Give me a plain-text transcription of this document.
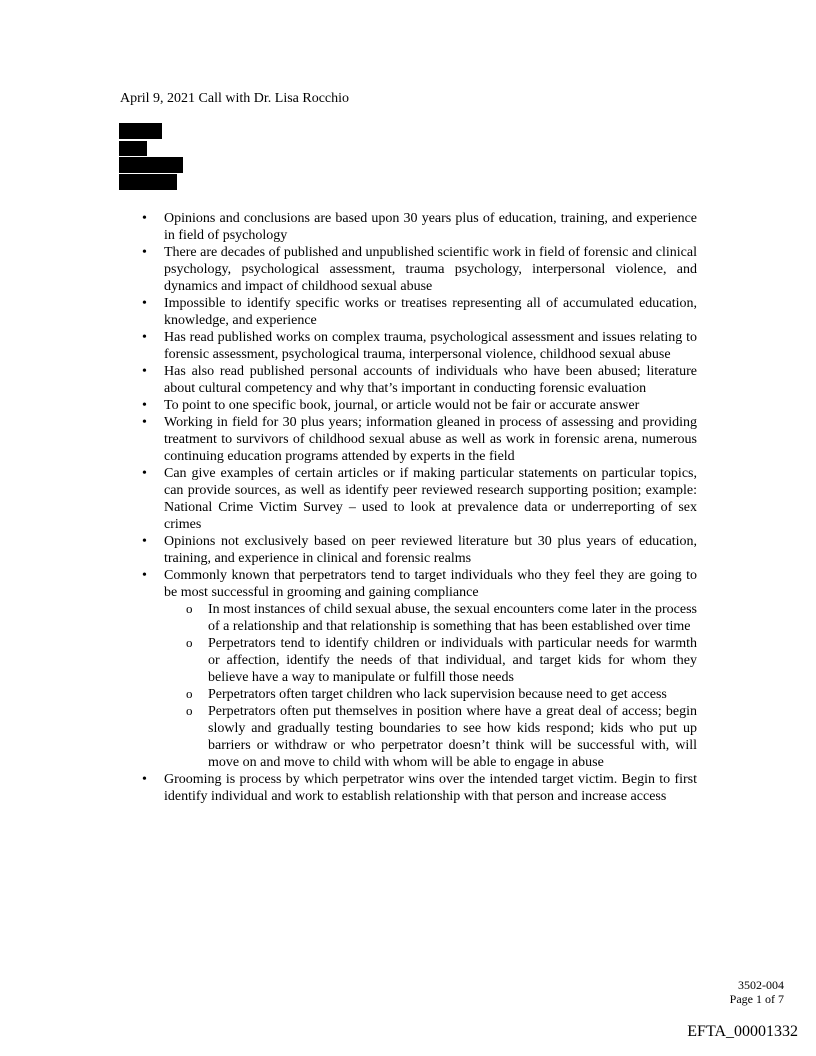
April 9, 2021 Call with Dr. Lisa Rocchio
• Opinions and conclusions are based upon 30 years plus of education, training, and experience in field of psychology
• There are decades of published and unpublished scientific work in field of forensic and clinical psychology, psychological assessment, trauma psychology, interpersonal violence, and dynamics and impact of childhood sexual abuse
• Impossible to identify specific works or treatises representing all of accumulated education, knowledge, and experience
• Has read published works on complex trauma, psychological assessment and issues relating to forensic assessment, psychological trauma, interpersonal violence, childhood sexual abuse
• Has also read published personal accounts of individuals who have been abused; literature about cultural competency and why that’s important in conducting forensic evaluation
• To point to one specific book, journal, or article would not be fair or accurate answer
• Working in field for 30 plus years; information gleaned in process of assessing and providing treatment to survivors of childhood sexual abuse as well as work in forensic arena, numerous continuing education programs attended by experts in the field
• Can give examples of certain articles or if making particular statements on particular topics, can provide sources, as well as identify peer reviewed research supporting position; example: National Crime Victim Survey – used to look at prevalence data or underreporting of sex crimes
• Opinions not exclusively based on peer reviewed literature but 30 plus years of education, training, and experience in clinical and forensic realms
• Commonly known that perpetrators tend to target individuals who they feel they are going to be most successful in grooming and gaining compliance
o In most instances of child sexual abuse, the sexual encounters come later in the process of a relationship and that relationship is something that has been established over time
o Perpetrators tend to identify children or individuals with particular needs for warmth or affection, identify the needs of that individual, and target kids for whom they believe have a way to manipulate or fulfill those needs
o Perpetrators often target children who lack supervision because need to get access
o Perpetrators often put themselves in position where have a great deal of access; begin slowly and gradually testing boundaries to see how kids respond; kids who put up barriers or withdraw or who perpetrator doesn’t think will be successful with, will move on and move to child with whom will be able to engage in abuse
• Grooming is process by which perpetrator wins over the intended target victim. Begin to first identify individual and work to establish relationship with that person and increase access
3502-004
Page 1 of 7
EFTA_00001332
